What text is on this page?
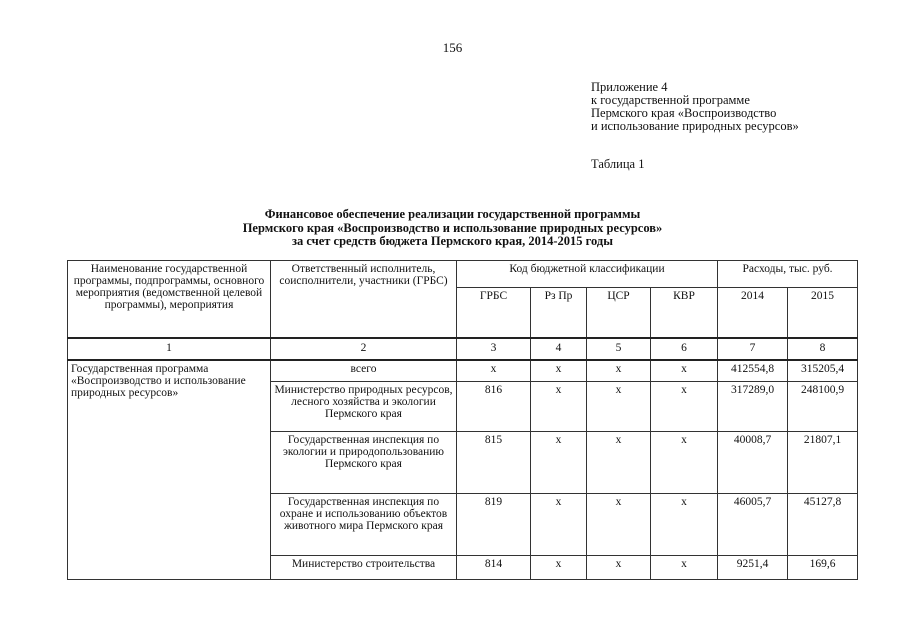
156
Приложение 4
к государственной программе
Пермского края «Воспроизводство
и использование природных ресурсов»
Таблица 1
Финансовое обеспечение реализации государственной программы
Пермского края «Воспроизводство и использование природных ресурсов»
за счет средств бюджета Пермского края, 2014-2015 годы
Наименование государственной программы, подпрограммы, основного мероприятия (ведомственной целевой программы), мероприятия	Ответственный исполнитель, соисполнители, участники (ГРБС)	Код бюджетной классификации				Расходы, тыс. руб.	
		ГРБС	Рз Пр	ЦСР	КВР	2014	2015
1	2	3	4	5	6	7	8
Государственная программа «Воспроизводство и использование природных ресурсов»	всего	х	х	х	х	412554,8	315205,4
	Министерство природных ресурсов, лесного хозяйства и экологии Пермского края	816	х	х	х	317289,0	248100,9
	Государственная инспекция по экологии и природопользованию Пермского края	815	х	х	х	40008,7	21807,1
	Государственная инспекция по охране и использованию объектов животного мира Пермского края	819	х	х	х	46005,7	45127,8
	Министерство строительства	814	х	х	х	9251,4	169,6
